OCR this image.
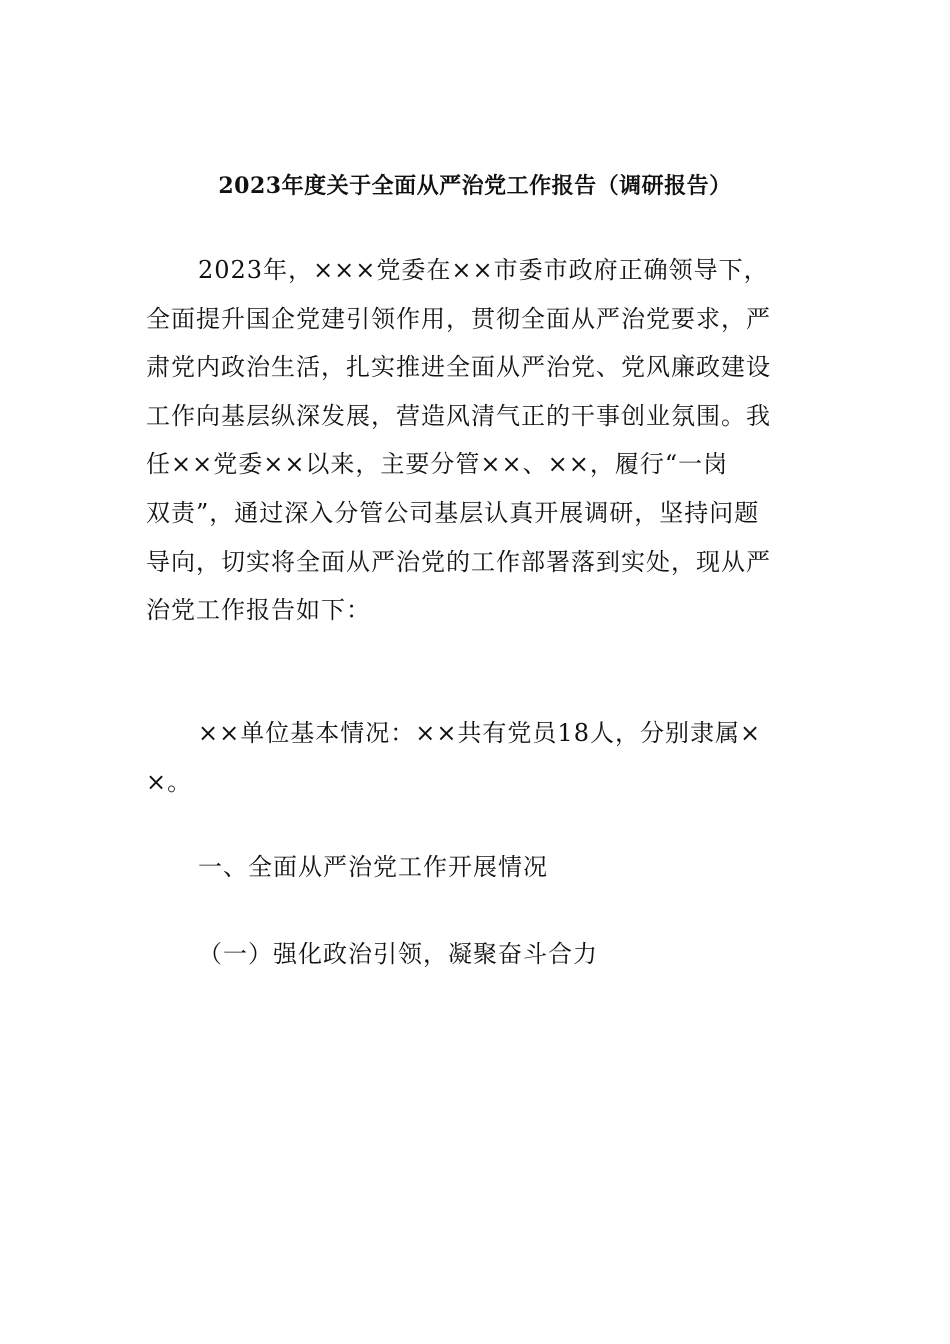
2023年度关于全面从严治党工作报告（调研报告）
2023年，×××党委在××市委市政府正确领导下，
全面提升国企党建引领作用，贯彻全面从严治党要求，严
肃党内政治生活，扎实推进全面从严治党、党风廉政建设
工作向基层纵深发展，营造风清气正的干事创业氛围。我
任××党委××以来，主要分管××、××，履行“一岗
双责”，通过深入分管公司基层认真开展调研，坚持问题
导向，切实将全面从严治党的工作部署落到实处，现从严
治党工作报告如下：
××单位基本情况：××共有党员18人，分别隶属×
×。
一、全面从严治党工作开展情况
（一）强化政治引领，凝聚奋斗合力
